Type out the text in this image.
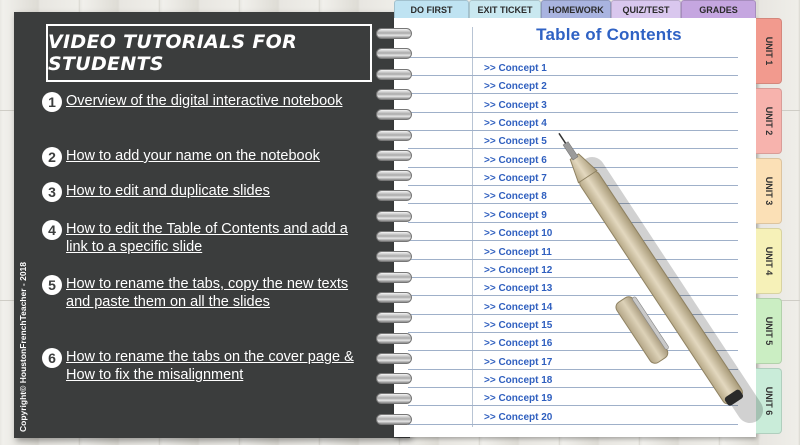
VIDEO TUTORIALS FOR STUDENTS
1 Overview of the digital interactive notebook
2 How to add your name on the notebook
3 How to edit and duplicate slides
4 How to edit the Table of Contents and add a link to a specific slide
5 How to rename the tabs, copy the new texts and paste them on all the slides
6 How to rename the tabs on the cover page & How to fix the misalignment
Copyright© HoustonFrenchTeacher - 2018
Table of Contents
>> Concept 1
>> Concept 2
>> Concept 3
>> Concept 4
>> Concept 5
>> Concept 6
>> Concept 7
>> Concept 8
>> Concept 9
>> Concept 10
>> Concept 11
>> Concept 12
>> Concept 13
>> Concept 14
>> Concept 15
>> Concept 16
>> Concept 17
>> Concept 18
>> Concept 19
>> Concept 20
DO FIRST	EXIT TICKET	HOMEWORK	QUIZ/TEST	GRADES
UNIT 1
UNIT 2
UNIT 3
UNIT 4
UNIT 5
UNIT 6
